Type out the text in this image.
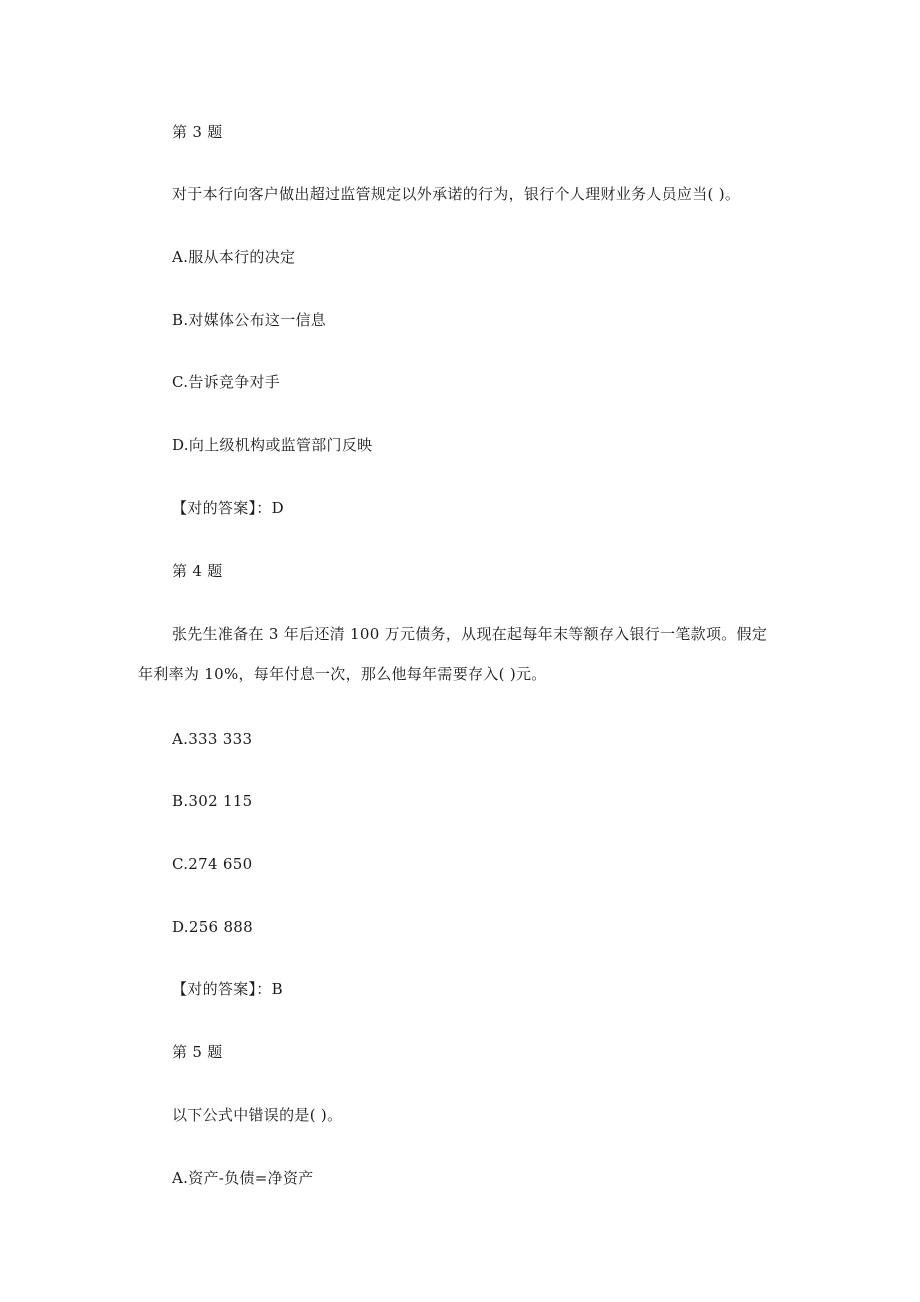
第 3 题
对于本行向客户做出超过监管规定以外承诺的行为，银行个人理财业务人员应当( )。
A.服从本行的决定
B.对媒体公布这一信息
C.告诉竞争对手
D.向上级机构或监管部门反映
【对的答案】：D
第 4 题
张先生准备在 3 年后还清 100 万元债务，从现在起每年末等额存入银行一笔款项。假定
年利率为 10%，每年付息一次，那么他每年需要存入( )元。
A.333 333
B.302 115
C.274 650
D.256 888
【对的答案】：B
第 5 题
以下公式中错误的是( )。
A.资产-负债=净资产
